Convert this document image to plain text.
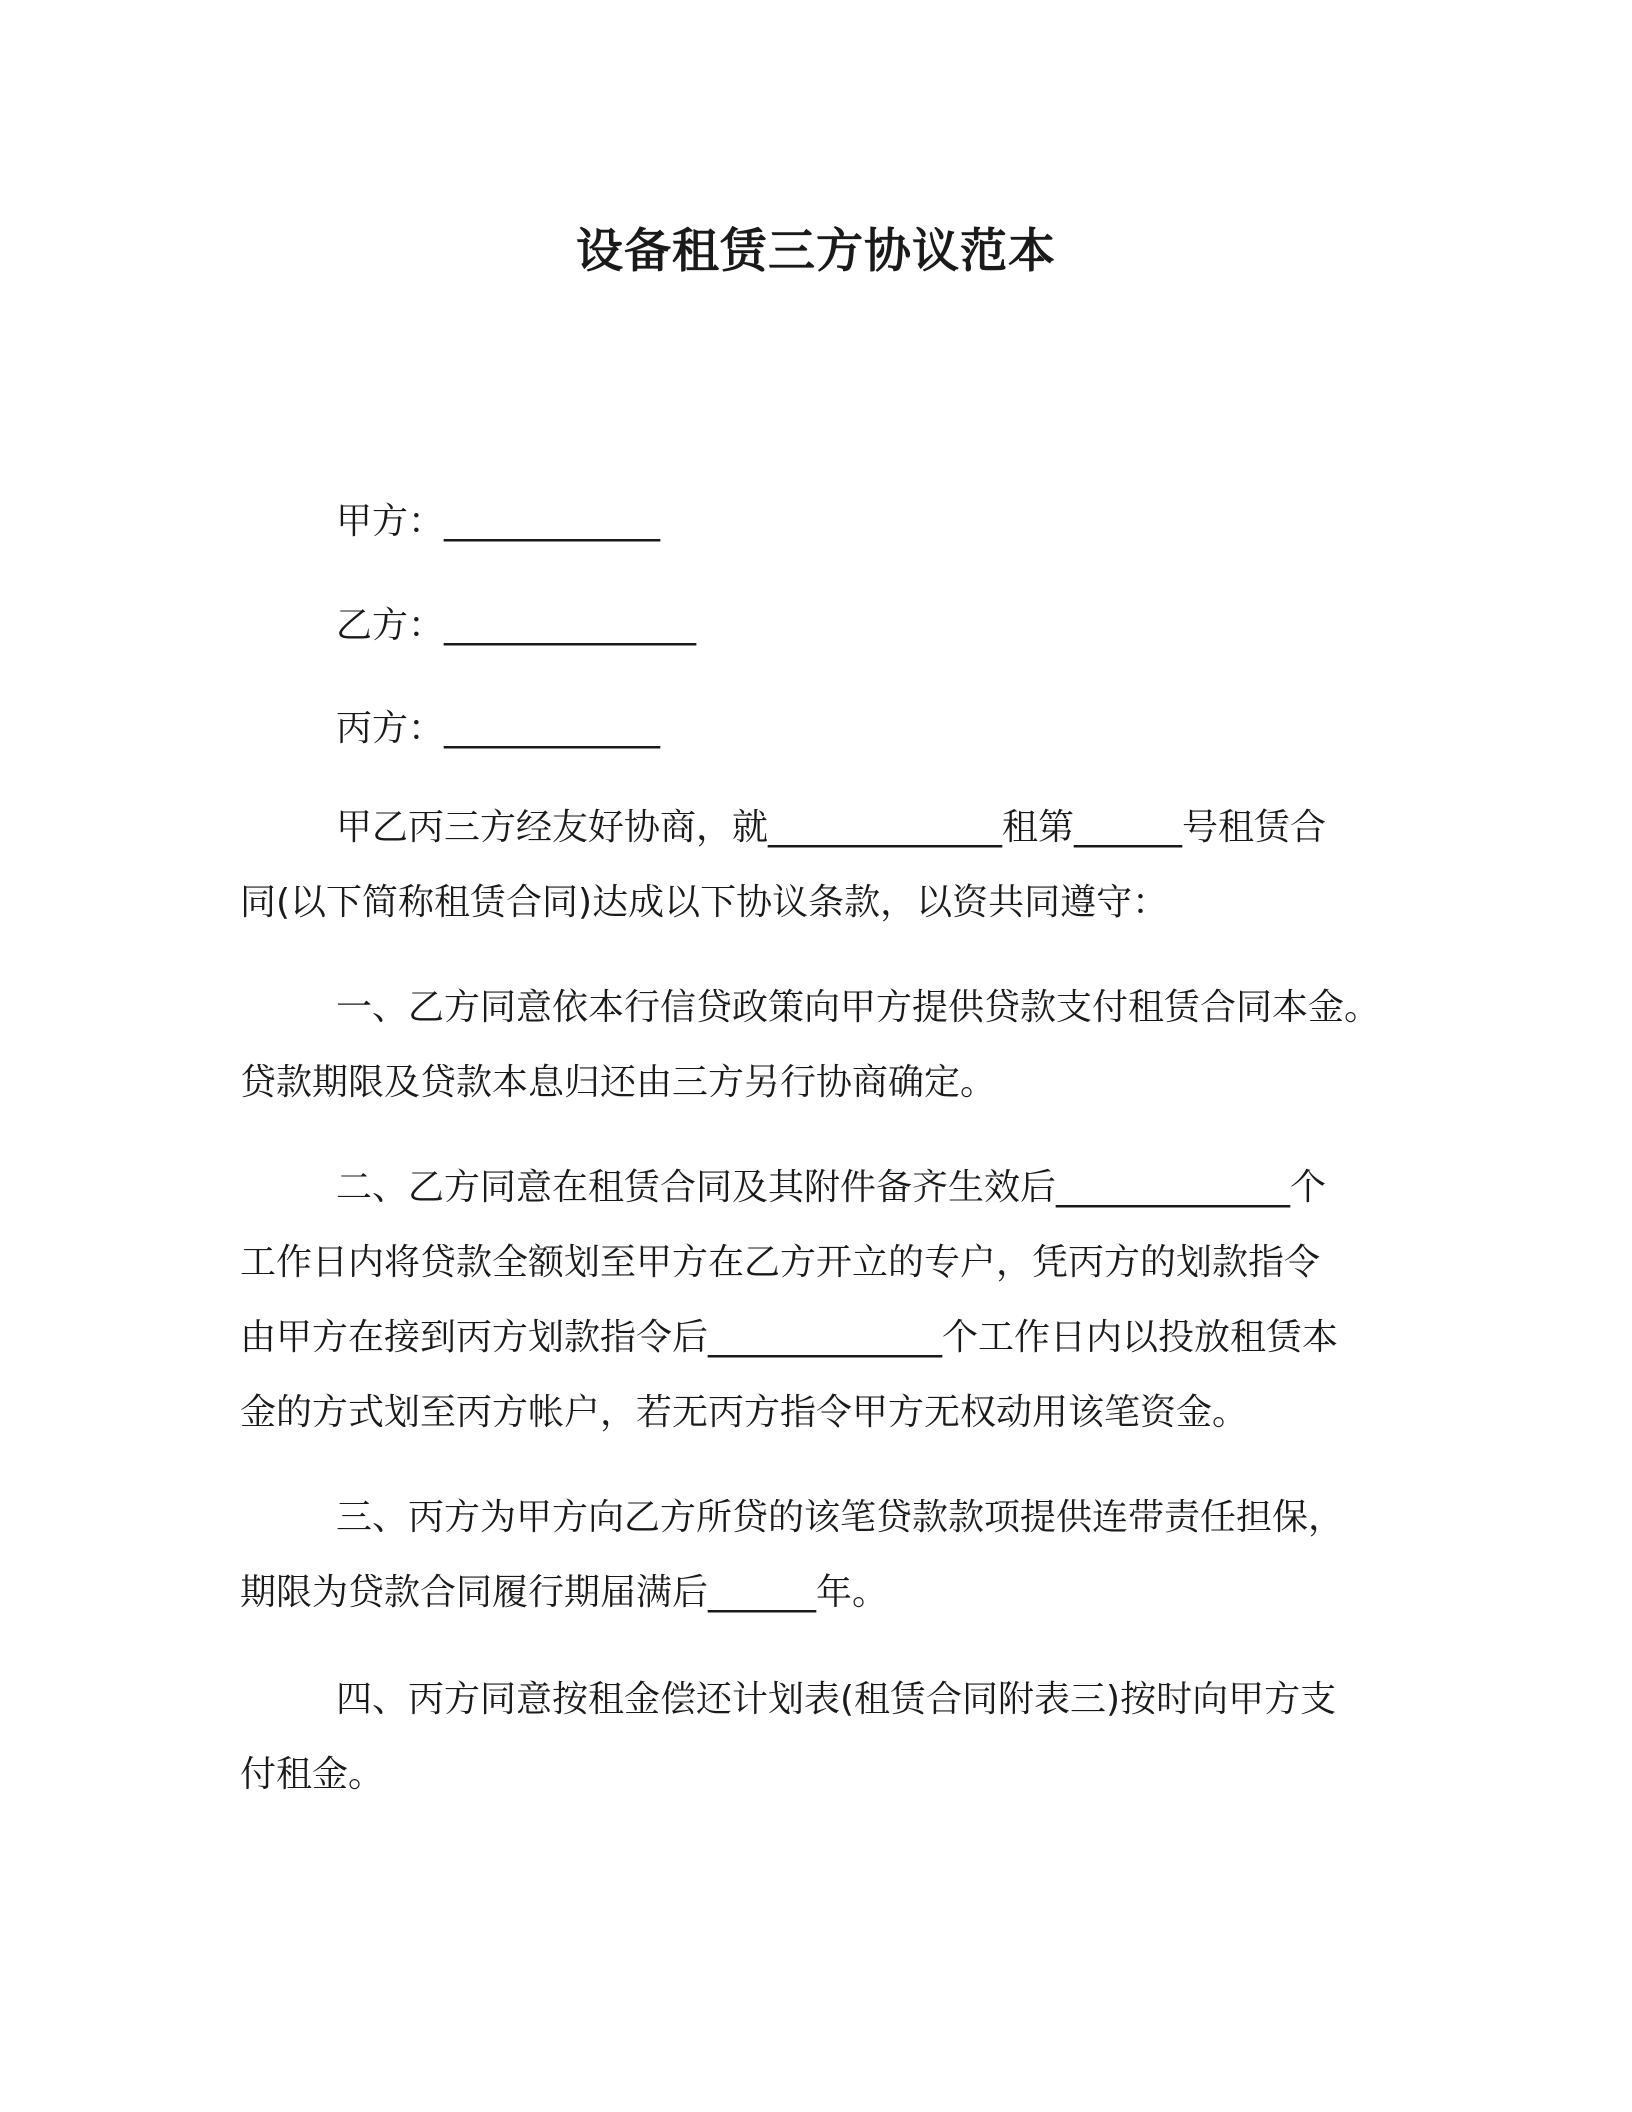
设备租赁三方协议范本
甲方：____________
乙方：______________
丙方：____________
甲乙丙三方经友好协商，就_____________租第______号租赁合
同(以下简称租赁合同)达成以下协议条款，以资共同遵守：
一、乙方同意依本行信贷政策向甲方提供贷款支付租赁合同本金。
贷款期限及贷款本息归还由三方另行协商确定。
二、乙方同意在租赁合同及其附件备齐生效后_____________个
工作日内将贷款全额划至甲方在乙方开立的专户，凭丙方的划款指令
由甲方在接到丙方划款指令后_____________个工作日内以投放租赁本
金的方式划至丙方帐户，若无丙方指令甲方无权动用该笔资金。
三、丙方为甲方向乙方所贷的该笔贷款款项提供连带责任担保，
期限为贷款合同履行期届满后______年。
四、丙方同意按租金偿还计划表(租赁合同附表三)按时向甲方支
付租金。
